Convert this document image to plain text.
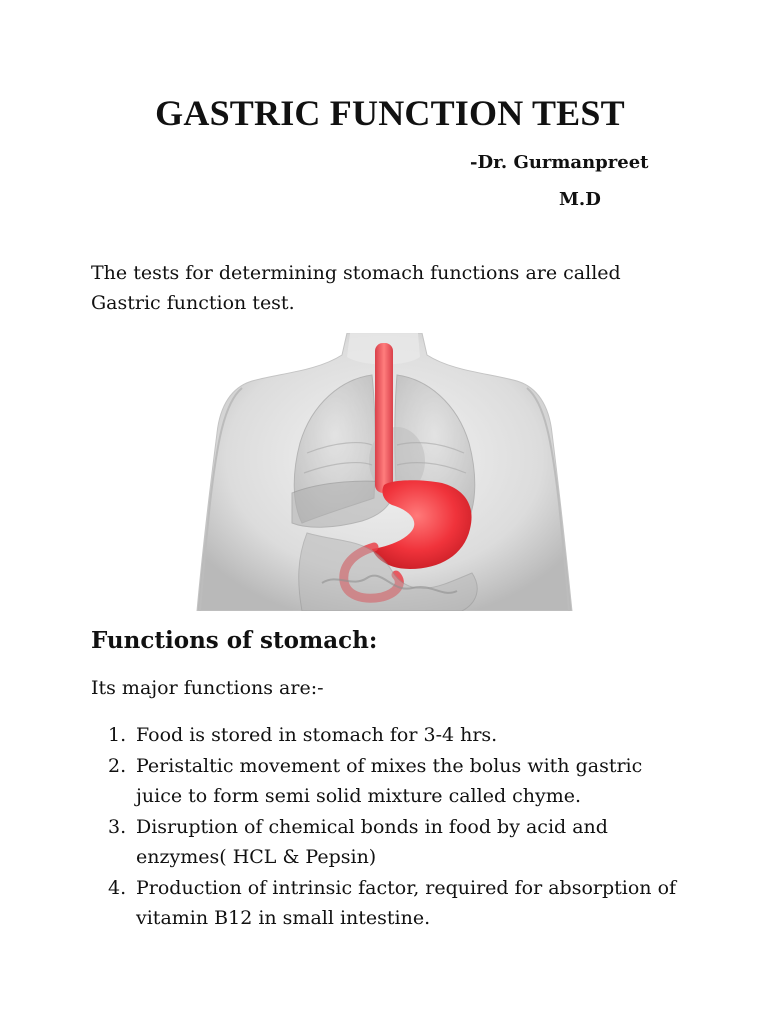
GASTRIC FUNCTION TEST
-Dr. Gurmanpreet
M.D
The tests for determining stomach functions are called Gastric function test.
Functions of stomach:
Its major functions are:-
1. Food is stored in stomach for 3-4 hrs.
2. Peristaltic movement of mixes the bolus with gastric juice to form semi solid mixture called chyme.
3. Disruption of chemical bonds in food by acid and enzymes( HCL & Pepsin)
4. Production of intrinsic factor, required for absorption of vitamin B12 in small intestine.
